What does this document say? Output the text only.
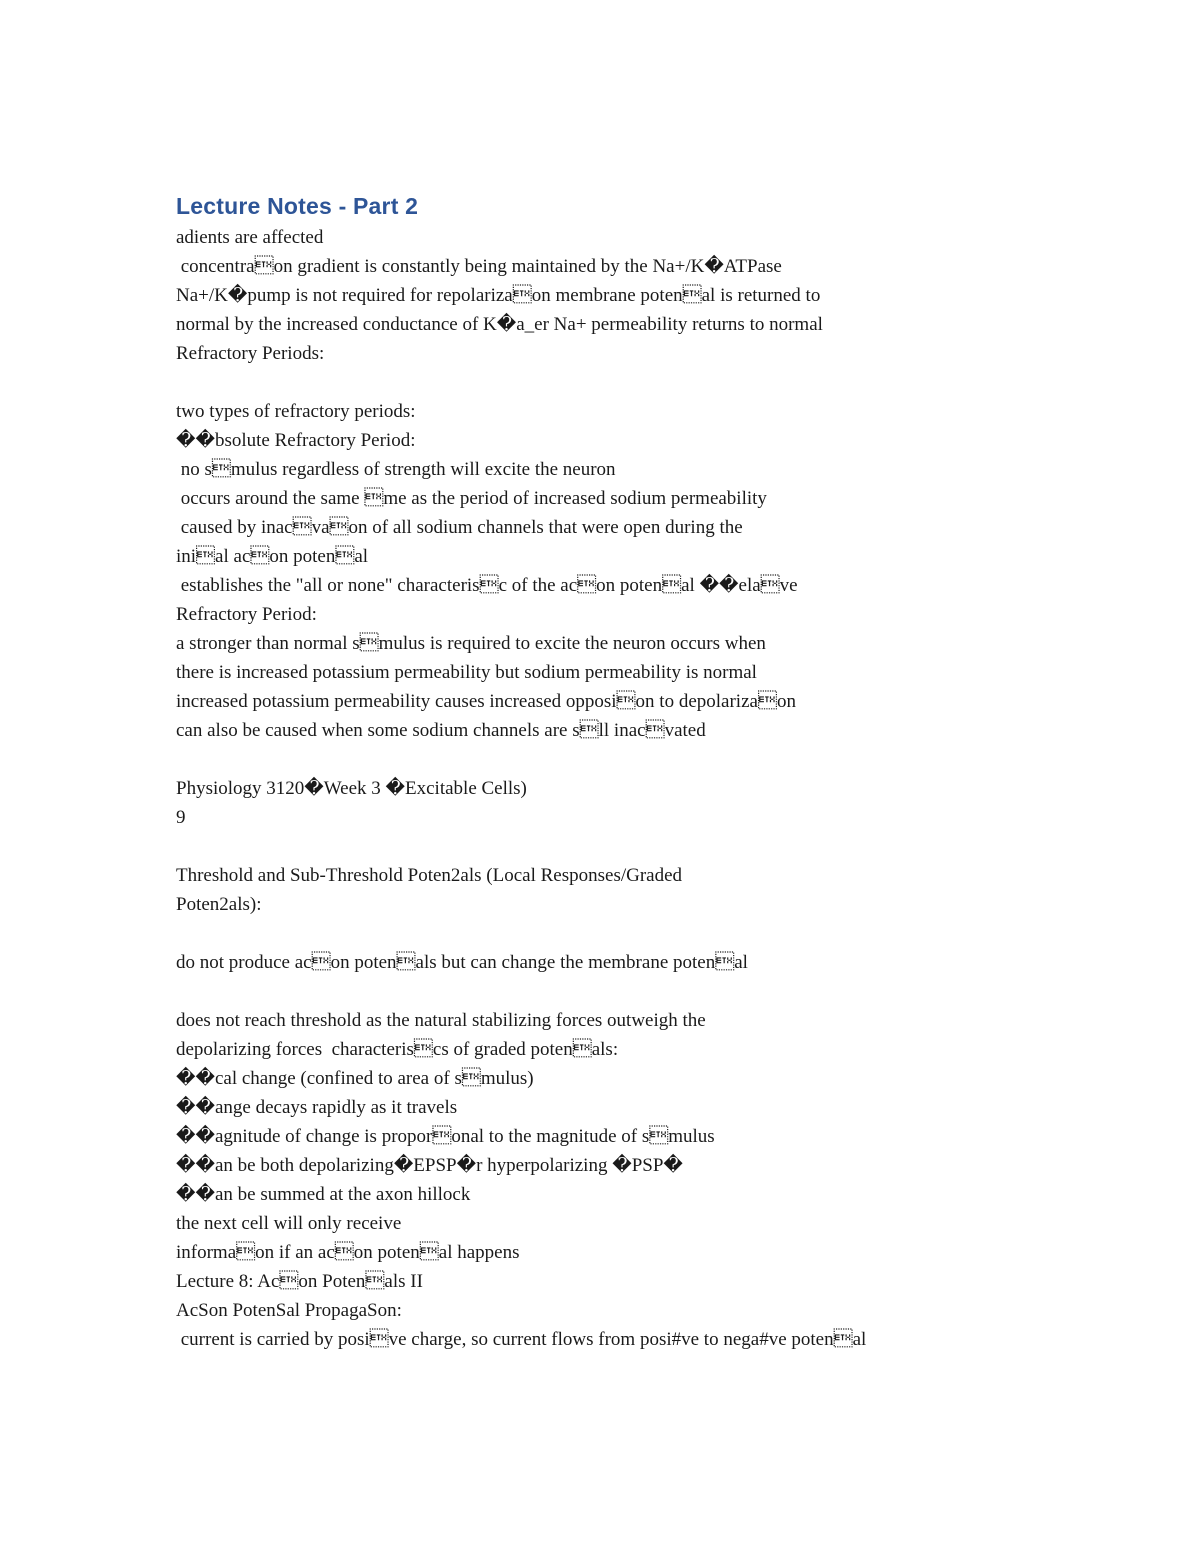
Lecture Notes - Part 2
adients are affected
concentraon gradient is constantly being maintained by the Na+/K�ATPase
Na+/K�pump is not required for repolarizaon membrane potenal is returned to
normal by the increased conductance of K�a_er Na+ permeability returns to normal
Refractory Periods:
two types of refractory periods:
��bsolute Refractory Period:
no smulus regardless of strength will excite the neuron
occurs around the same me as the period of increased sodium permeability
caused by inacvaon of all sodium channels that were open during the
inial acon potenal
establishes the "all or none" characterisc of the acon potenal ��elave
Refractory Period:
a stronger than normal smulus is required to excite the neuron occurs when
there is increased potassium permeability but sodium permeability is normal
increased potassium permeability causes increased opposion to depolarizaon
can also be caused when some sodium channels are sll inacvated
Physiology 3120�Week 3 �Excitable Cells)
9
Threshold and Sub-Threshold Poten2als (Local Responses/Graded
Poten2als):
do not produce acon potenals but can change the membrane potenal
does not reach threshold as the natural stabilizing forces outweigh the
depolarizing forces  characteriscs of graded potenals:
��cal change (confined to area of smulus)
��ange decays rapidly as it travels
��agnitude of change is proporonal to the magnitude of smulus
��an be both depolarizing�EPSP�r hyperpolarizing �PSP�
��an be summed at the axon hillock
the next cell will only receive
informaon if an acon potenal happens
Lecture 8: Acon Potenals II
AcSon PotenSal PropagaSon:
current is carried by posive charge, so current flows from posi#ve to nega#ve potenal
